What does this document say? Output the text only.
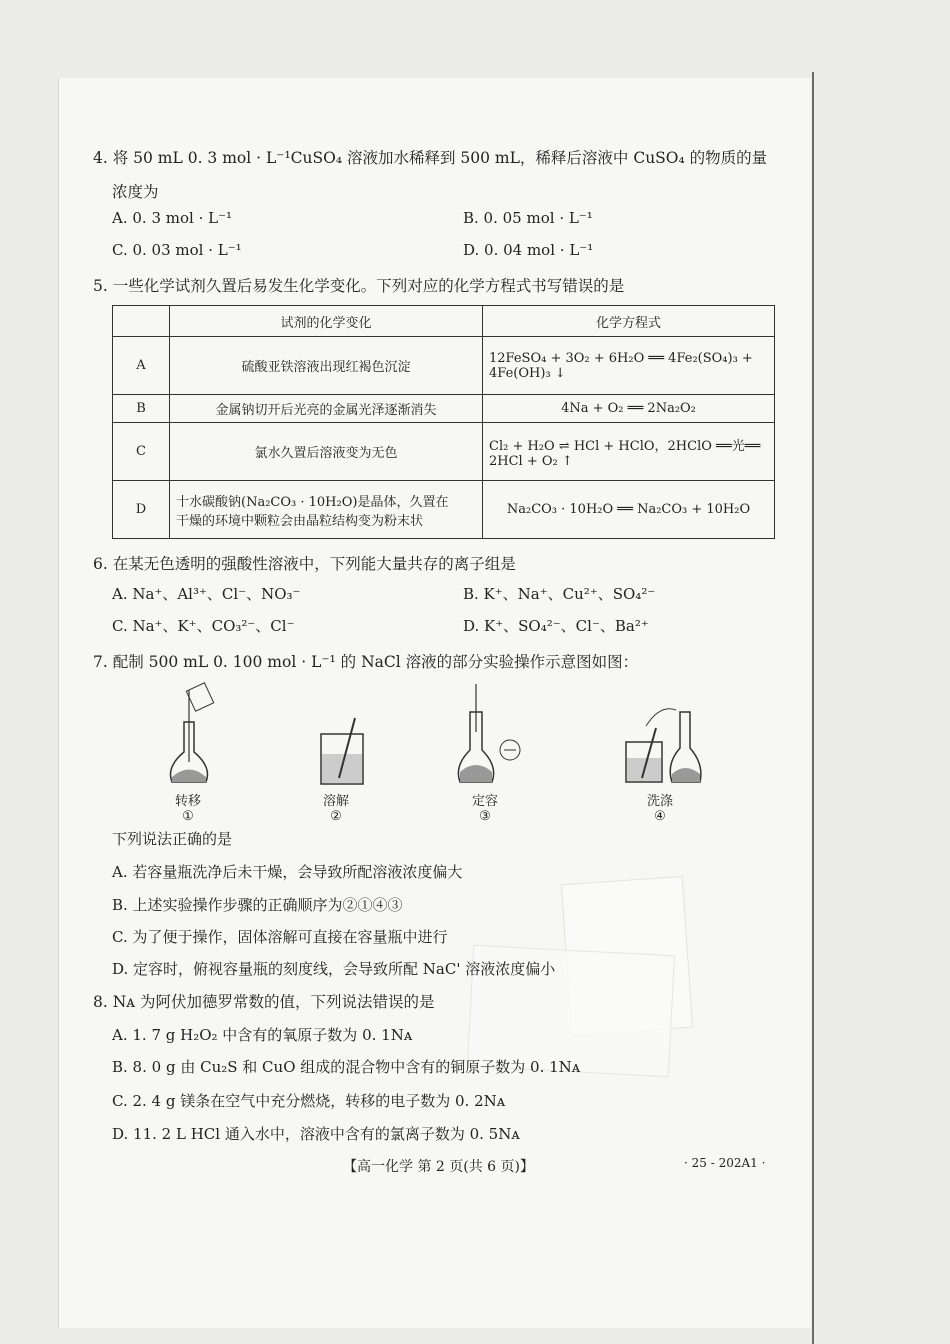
4. 将 50 mL 0. 3 mol · L⁻¹CuSO₄ 溶液加水稀释到 500 mL，稀释后溶液中 CuSO₄ 的物质的量
浓度为
A. 0. 3 mol · L⁻¹	B. 0. 05 mol · L⁻¹
C. 0. 03 mol · L⁻¹	D. 0. 04 mol · L⁻¹
5. 一些化学试剂久置后易发生化学变化。下列对应的化学方程式书写错误的是
	试剂的化学变化	化学方程式
A	硫酸亚铁溶液出现红褐色沉淀	12FeSO₄ + 3O₂ + 6H₂O ══ 4Fe₂(SO₄)₃ +
4Fe(OH)₃ ↓

B	金属钠切开后光亮的金属光泽逐渐消失	4Na + O₂ ══ 2Na₂O₂
C	氯水久置后溶液变为无色	Cl₂ + H₂O ⇌ HCl + HClO，2HClO ══光══
2HCl + O₂ ↑

D	十水碳酸钠(Na₂CO₃ · 10H₂O)是晶体，久置在
干燥的环境中颗粒会由晶粒结构变为粉末状	Na₂CO₃ · 10H₂O ══ Na₂CO₃ + 10H₂O
6. 在某无色透明的强酸性溶液中，下列能大量共存的离子组是
A. Na⁺、Al³⁺、Cl⁻、NO₃⁻	B. K⁺、Na⁺、Cu²⁺、SO₄²⁻
C. Na⁺、K⁺、CO₃²⁻、Cl⁻	D. K⁺、SO₄²⁻、Cl⁻、Ba²⁺
7. 配制 500 mL 0. 100 mol · L⁻¹ 的 NaCl 溶液的部分实验操作示意图如图：
转移
①
溶解
②
定容
③
洗涤
④
下列说法正确的是
A. 若容量瓶洗净后未干燥，会导致所配溶液浓度偏大
B. 上述实验操作步骤的正确顺序为②①④③
C. 为了便于操作，固体溶解可直接在容量瓶中进行
D. 定容时，俯视容量瓶的刻度线，会导致所配 NaC' 溶液浓度偏小
8. Nᴀ 为阿伏加德罗常数的值，下列说法错误的是
A. 1. 7 g H₂O₂ 中含有的氧原子数为 0. 1Nᴀ
B. 8. 0 g 由 Cu₂S 和 CuO 组成的混合物中含有的铜原子数为 0. 1Nᴀ
C. 2. 4 g 镁条在空气中充分燃烧，转移的电子数为 0. 2Nᴀ
D. 11. 2 L HCl 通入水中，溶液中含有的氯离子数为 0. 5Nᴀ
【高一化学 第 2 页(共 6 页)】	· 25 - 202A1 ·
